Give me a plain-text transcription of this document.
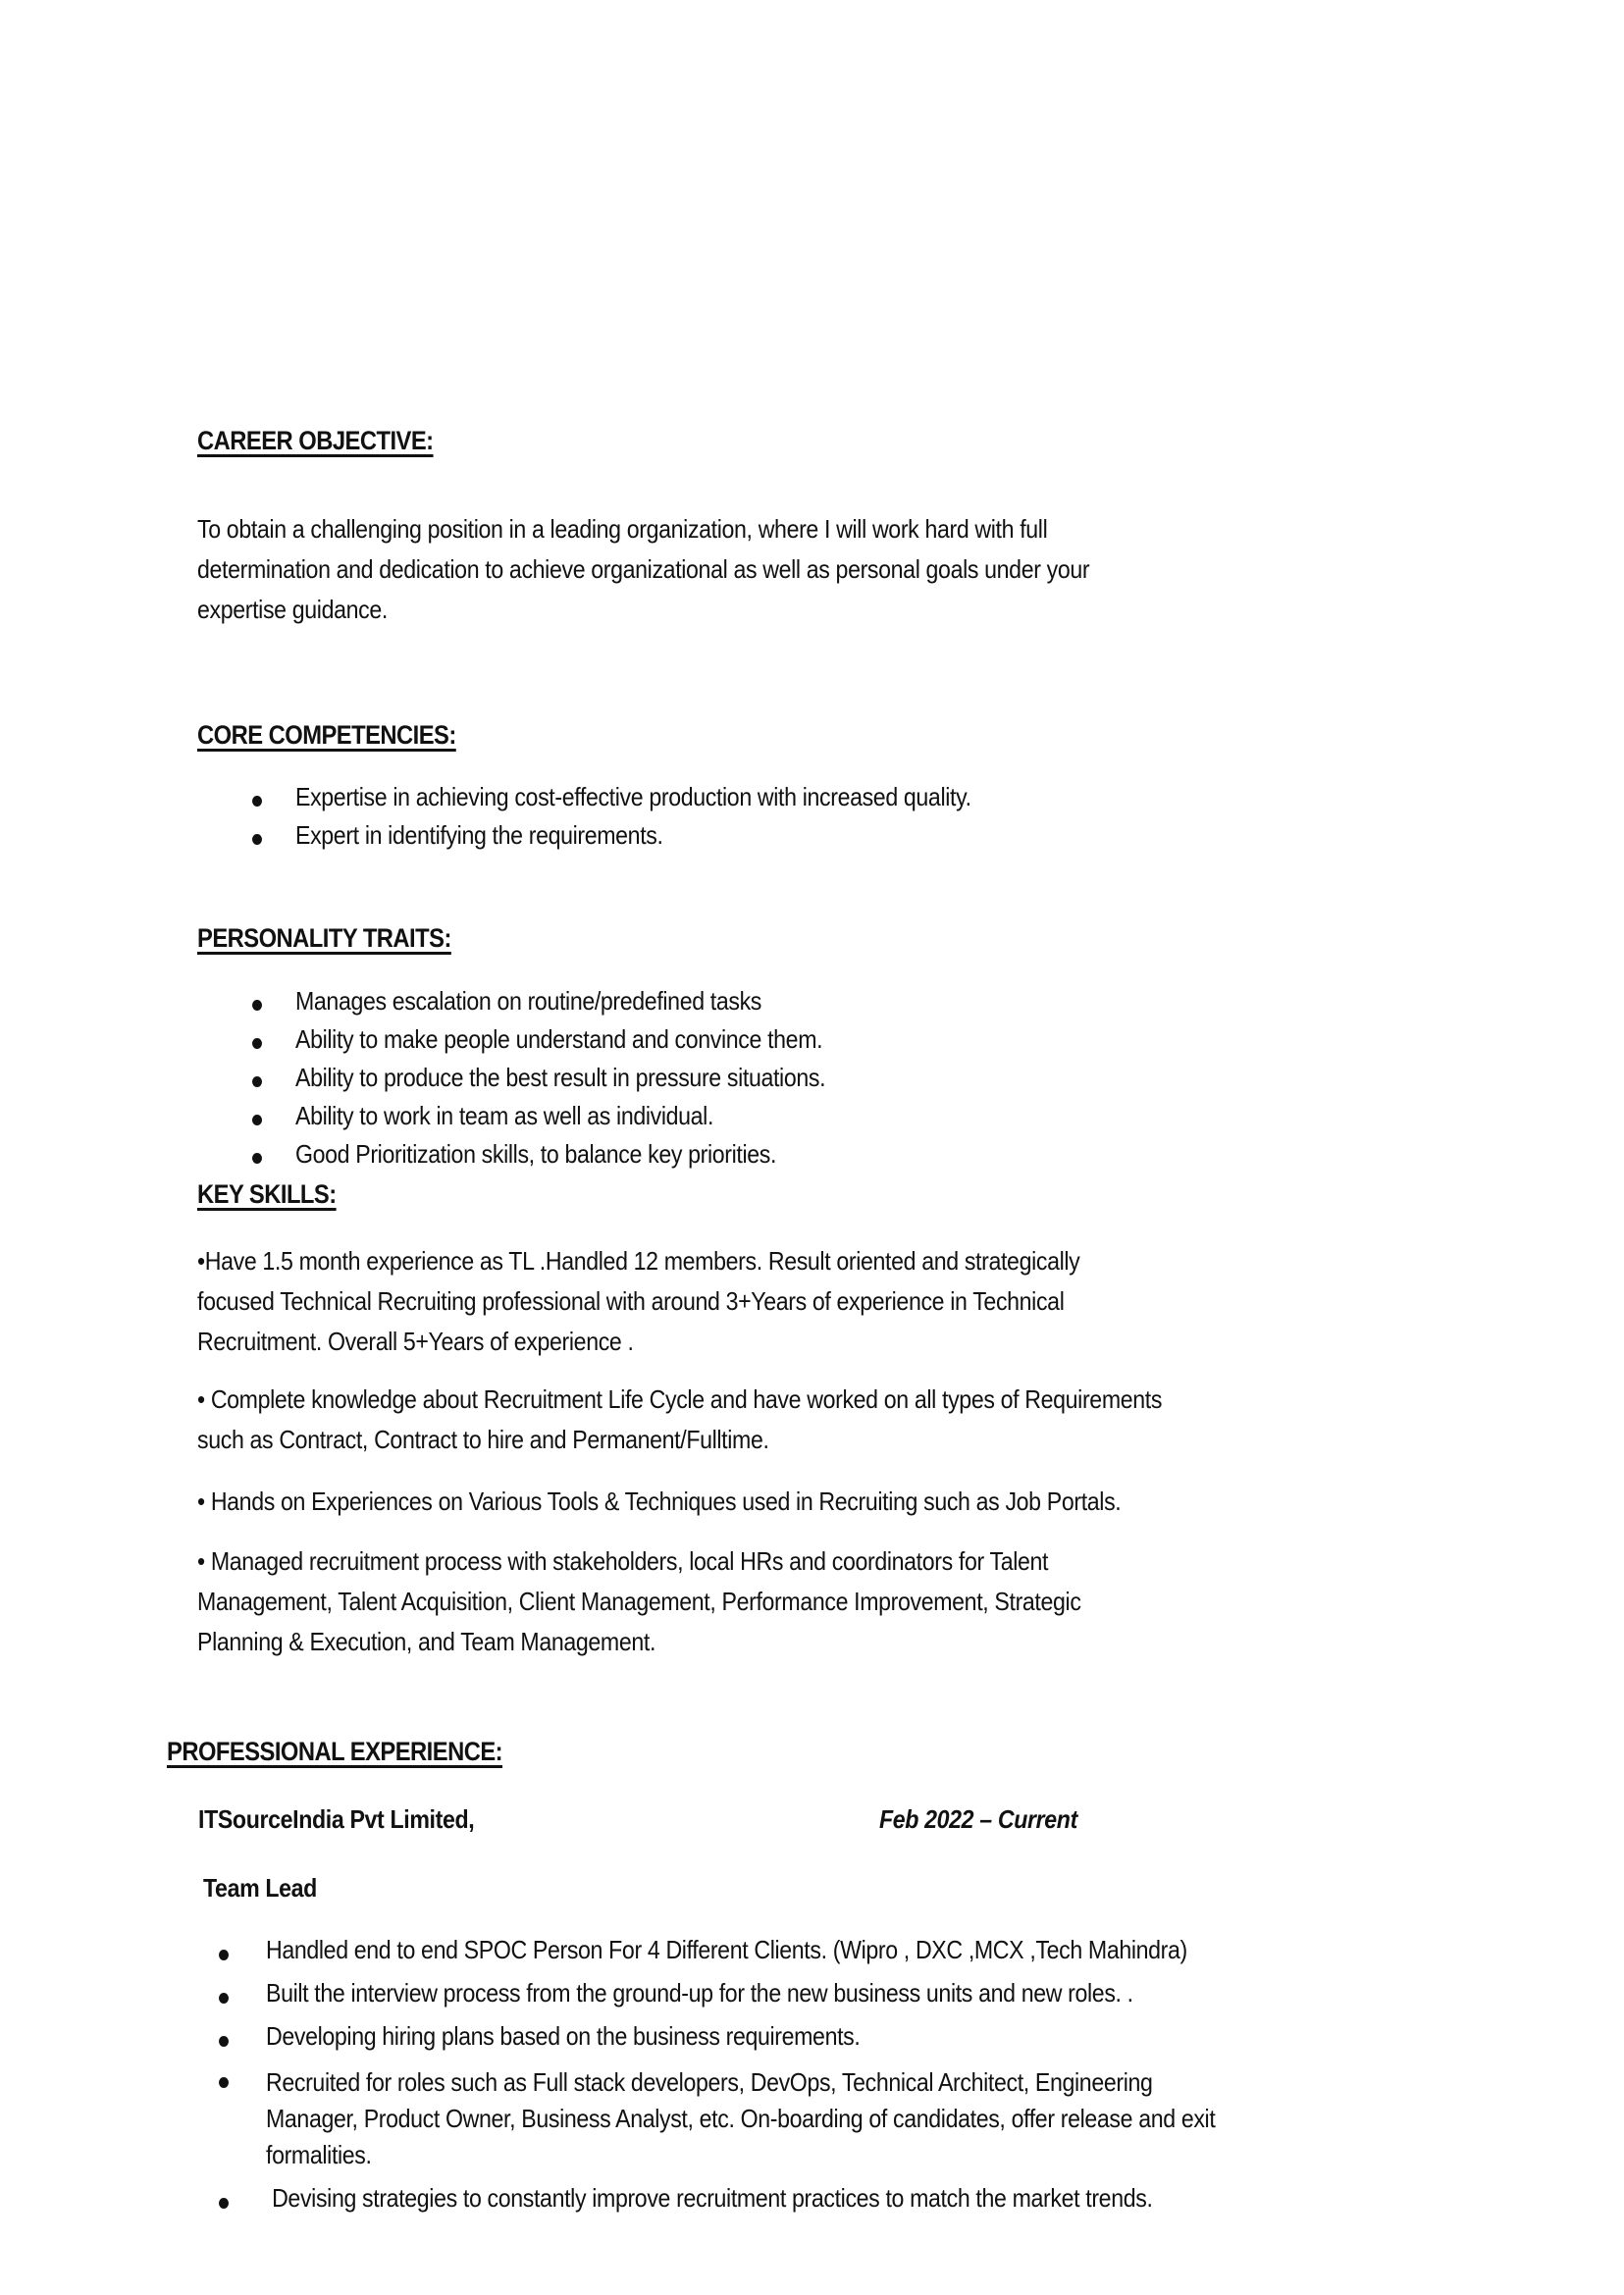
CAREER OBJECTIVE:
To obtain a challenging position in a leading organization, where I will work hard with full
determination and dedication to achieve organizational as well as personal goals under your
expertise guidance.
CORE COMPETENCIES:
Expertise in achieving cost-effective production with increased quality.
Expert in identifying the requirements.
PERSONALITY TRAITS:
Manages escalation on routine/predefined tasks
Ability to make people understand and convince them.
Ability to produce the best result in pressure situations.
Ability to work in team as well as individual.
Good Prioritization skills, to balance key priorities.
KEY SKILLS:
•Have 1.5 month experience as TL .Handled 12 members. Result oriented and strategically
focused Technical Recruiting professional with around 3+Years of experience in Technical
Recruitment. Overall 5+Years of experience .
• Complete knowledge about Recruitment Life Cycle and have worked on all types of Requirements
such as Contract, Contract to hire and Permanent/Fulltime.
• Hands on Experiences on Various Tools & Techniques used in Recruiting such as Job Portals.
• Managed recruitment process with stakeholders, local HRs and coordinators for Talent
Management, Talent Acquisition, Client Management, Performance Improvement, Strategic
Planning & Execution, and Team Management.
PROFESSIONAL EXPERIENCE:
ITSourceIndia Pvt Limited,	Feb 2022 – Current
Team Lead
Handled end to end SPOC Person For 4 Different Clients. (Wipro , DXC ,MCX ,Tech Mahindra)
Built the interview process from the ground-up for the new business units and new roles. .
Developing hiring plans based on the business requirements.
Recruited for roles such as Full stack developers, DevOps, Technical Architect, Engineering
Manager, Product Owner, Business Analyst, etc. On-boarding of candidates, offer release and exit
formalities.
Devising strategies to constantly improve recruitment practices to match the market trends.
